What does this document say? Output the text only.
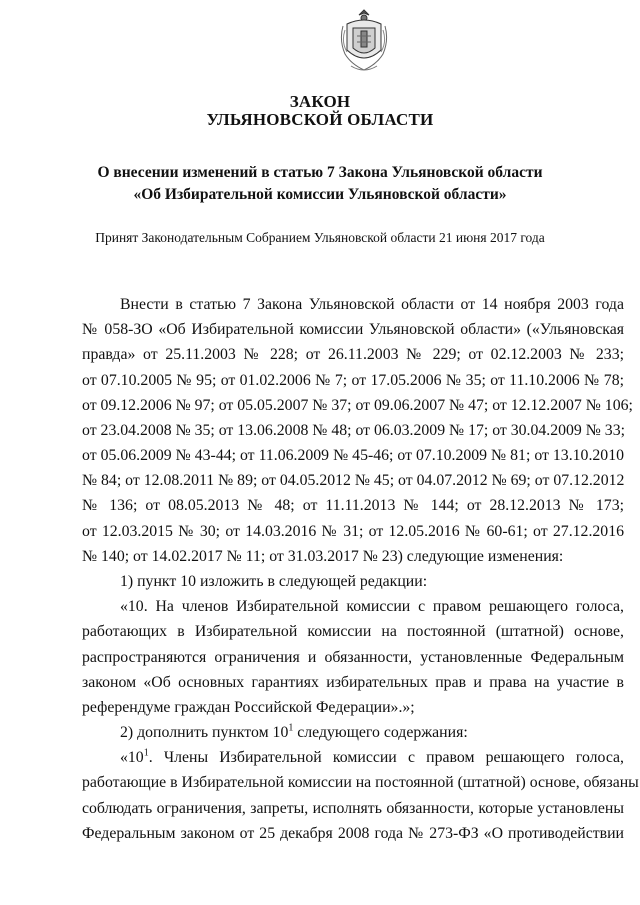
ЗАКОН
УЛЬЯНОВСКОЙ ОБЛАСТИ
О внесении изменений в статью 7 Закона Ульяновской области
«Об Избирательной комиссии Ульяновской области»
Принят Законодательным Собранием Ульяновской области 21 июня 2017 года
Внести в статью 7 Закона Ульяновской области от 14 ноября 2003 года
№ 058-ЗО «Об Избирательной комиссии Ульяновской области» («Ульяновская
правда» от 25.11.2003 № 228; от 26.11.2003 № 229; от 02.12.2003 № 233;
от 07.10.2005 № 95; от 01.02.2006 № 7; от 17.05.2006 № 35; от 11.10.2006 № 78;
от 09.12.2006 № 97; от 05.05.2007 № 37; от 09.06.2007 № 47; от 12.12.2007 № 106;
от 23.04.2008 № 35; от 13.06.2008 № 48; от 06.03.2009 № 17; от 30.04.2009 № 33;
от 05.06.2009 № 43-44; от 11.06.2009 № 45-46; от 07.10.2009 № 81; от 13.10.2010
№ 84; от 12.08.2011 № 89; от 04.05.2012 № 45; от 04.07.2012 № 69; от 07.12.2012
№ 136; от 08.05.2013 № 48; от 11.11.2013 № 144; от 28.12.2013 № 173;
от 12.03.2015 № 30; от 14.03.2016 № 31; от 12.05.2016 № 60-61; от 27.12.2016
№ 140; от 14.02.2017 № 11; от 31.03.2017 № 23) следующие изменения:
1) пункт 10 изложить в следующей редакции:
«10. На членов Избирательной комиссии с правом решающего голоса,
работающих в Избирательной комиссии на постоянной (штатной) основе,
распространяются ограничения и обязанности, установленные Федеральным
законом «Об основных гарантиях избирательных прав и права на участие в
референдуме граждан Российской Федерации».»;
2) дополнить пунктом $10^1$ следующего содержания:
«$10^1$. Члены Избирательной комиссии с правом решающего голоса,
работающие в Избирательной комиссии на постоянной (штатной) основе, обязаны
соблюдать ограничения, запреты, исполнять обязанности, которые установлены
Федеральным законом от 25 декабря 2008 года № 273-ФЗ «О противодействии
